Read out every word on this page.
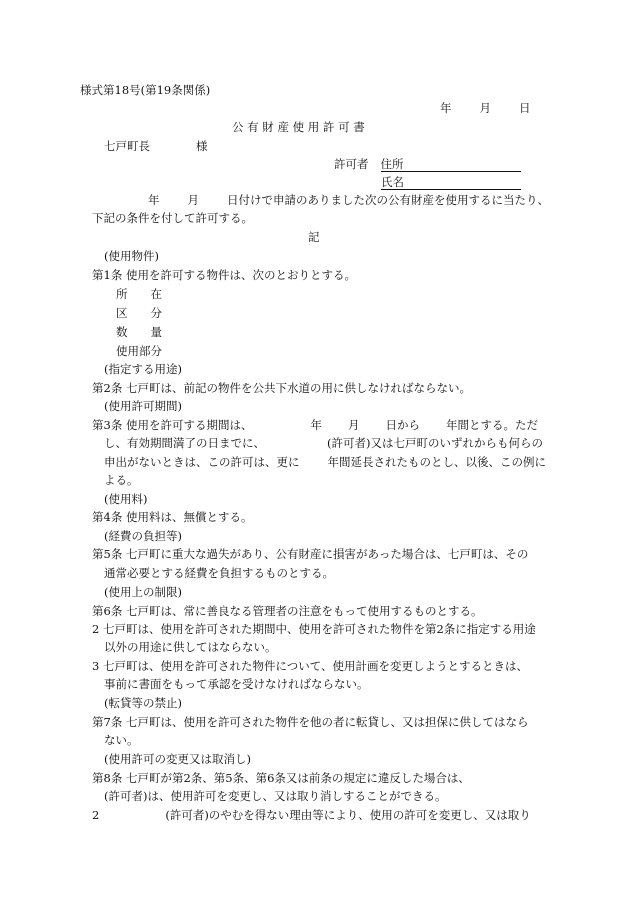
様式第18号(第19条関係)
年 月 日
公 有 財 産 使 用 許 可 書
七戸町長	様
許可者 住所
氏名
年 月 日付けで申請のありました次の公有財産を使用するに当たり、
下記の条件を付して許可する。
記
(使用物件)
第1条 使用を許可する物件は、次のとおりとする。
所　　在
区　　分
数　　量
使用部分
(指定する用途)
第2条 七戸町は、前記の物件を公共下水道の用に供しなければならない。
(使用許可期間)
第3条 使用を許可する期間は、	年 月 日から 年間とする。ただ
し、有効期間満了の日までに、	(許可者)又は七戸町のいずれからも何らの
申出がないときは、この許可は、更に 年間延長されたものとし、以後、この例に
よる。
(使用料)
第4条 使用料は、無償とする。
(経費の負担等)
第5条 七戸町に重大な過失があり、公有財産に損害があった場合は、七戸町は、その
通常必要とする経費を負担するものとする。
(使用上の制限)
第6条 七戸町は、常に善良なる管理者の注意をもって使用するものとする。
2 七戸町は、使用を許可された期間中、使用を許可された物件を第2条に指定する用途
以外の用途に供してはならない。
3 七戸町は、使用を許可された物件について、使用計画を変更しようとするときは、
事前に書面をもって承認を受けなければならない。
(転貸等の禁止)
第7条 七戸町は、使用を許可された物件を他の者に転貸し、又は担保に供してはなら
ない。
(使用許可の変更又は取消し)
第8条 七戸町が第2条、第5条、第6条又は前条の規定に違反した場合は、
(許可者)は、使用許可を変更し、又は取り消しすることができる。
2	(許可者)のやむを得ない理由等により、使用の許可を変更し、又は取り
